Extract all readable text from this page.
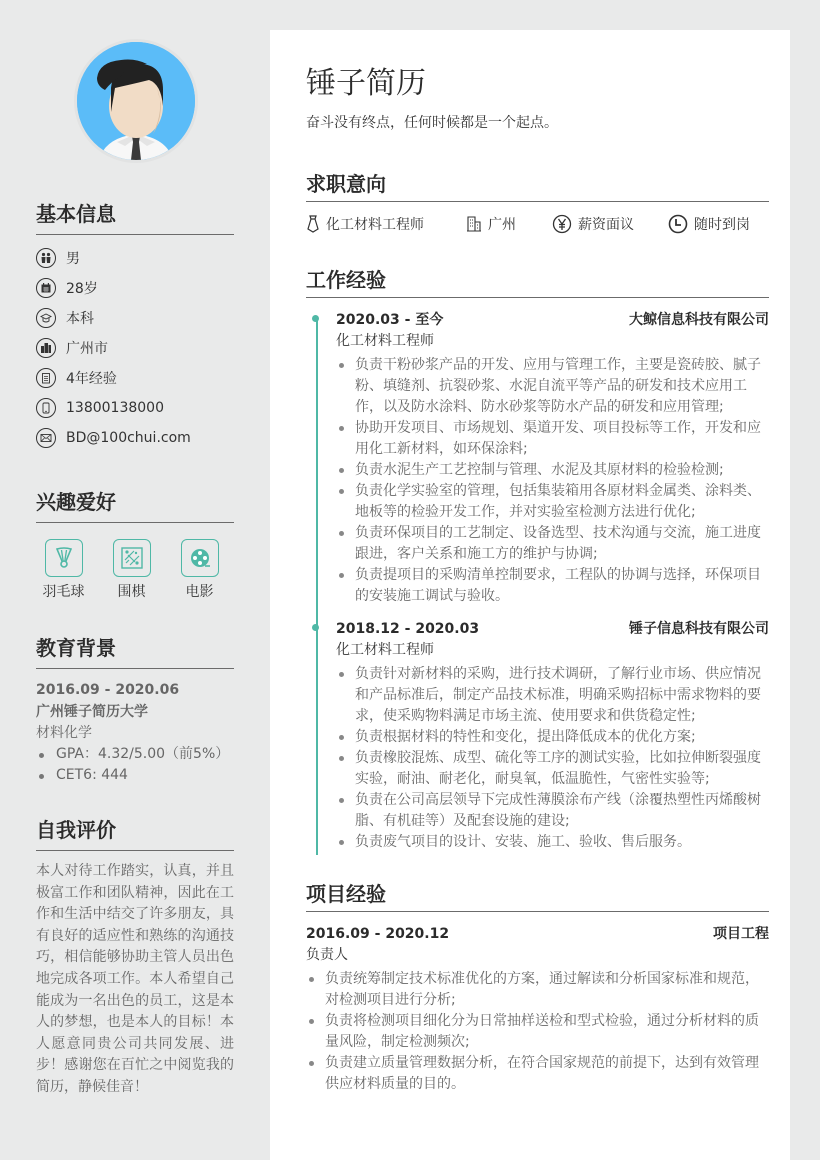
基本信息
男
28岁
本科
广州市
4年经验
13800138000
BD@100chui.com
兴趣爱好
羽毛球 围棋	电影
教育背景
2016.09 - 2020.06
广州锤子简历大学
材料化学
GPA：4.32/5.00（前5%）
CET6: 444
自我评价

本人对待工作踏实，认真，并且极富工作和团队精神，因此在工作和生活中结交了许多朋友，具有良好的适应性和熟练的沟通技巧，相信能够协助主管人员出色地完成各项工作。本人希望自己能成为一名出色的员工，这是本人的梦想，也是本人的目标！本人愿意同贵公司共同发展、进步！感谢您在百忙之中阅览我的简历，静候佳音！

锤子简历

奋斗没有终点，任何时候都是一个起点。

求职意向
化工材料工程师	广州	薪资面议	随时到岗
工作经验
2020.03 - 至今	大鲸信息科技有限公司
化工材料工程师
负责干粉砂浆产品的开发、应用与管理工作，主要是瓷砖胶、腻子粉、填缝剂、抗裂砂浆、水泥自流平等产品的研发和技术应用工作，以及防水涂料、防水砂浆等防水产品的研发和应用管理;
协助开发项目、市场规划、渠道开发、项目投标等工作，开发和应用化工新材料，如环保涂料;
负责水泥生产工艺控制与管理、水泥及其原材料的检验检测;
负责化学实验室的管理，包括集装箱用各原材料金属类、涂料类、地板等的检验开发工作，并对实验室检测方法进行优化;
负责环保项目的工艺制定、设备选型、技术沟通与交流，施工进度跟进，客户关系和施工方的维护与协调;
负责提项目的采购清单控制要求，工程队的协调与选择，环保项目的安装施工调试与验收。
2018.12 - 2020.03	锤子信息科技有限公司
化工材料工程师
负责针对新材料的采购，进行技术调研，了解行业市场、供应情况和产品标准后，制定产品技术标准，明确采购招标中需求物料的要求，使采购物料满足市场主流、使用要求和供货稳定性;
负责根据材料的特性和变化，提出降低成本的优化方案;
负责橡胶混炼、成型、硫化等工序的测试实验，比如拉伸断裂强度实验，耐油、耐老化，耐臭氧，低温脆性，气密性实验等;
负责在公司高层领导下完成性薄膜涂布产线（涂覆热塑性丙烯酸树脂、有机硅等）及配套设施的建设;
负责废气项目的设计、安装、施工、验收、售后服务。
项目经验
2016.09 - 2020.12	项目工程
负责人
负责统筹制定技术标准优化的方案，通过解读和分析国家标准和规范，对检测项目进行分析;
负责将检测项目细化分为日常抽样送检和型式检验，通过分析材料的质量风险，制定检测频次;
负责建立质量管理数据分析，在符合国家规范的前提下，达到有效管理供应材料质量的目的。
